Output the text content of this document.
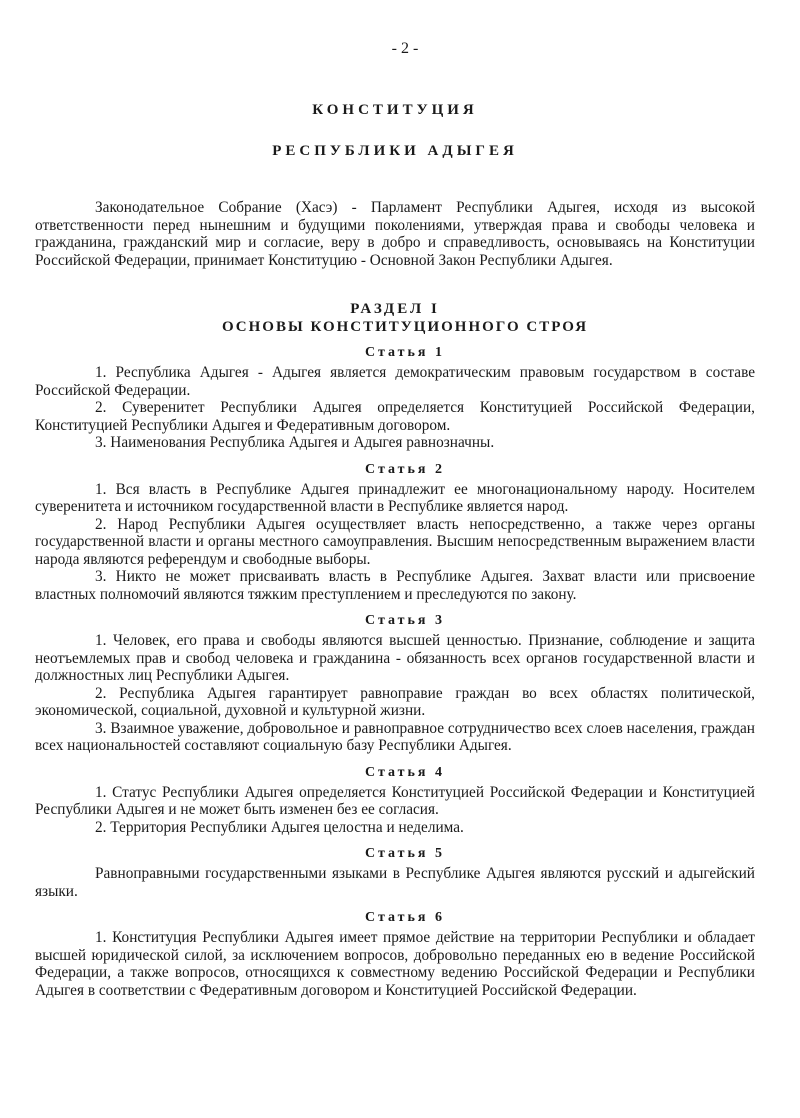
- 2 -
КОНСТИТУЦИЯ
РЕСПУБЛИКИ АДЫГЕЯ

Законодательное Собрание (Хасэ) - Парламент Республики Адыгея, исходя из высокой ответственности перед нынешним и будущими поколениями, утверждая права и свободы человека и гражданина, гражданский мир и согласие, веру в добро и справедливость, основываясь на Конституции Российской Федерации, принимает Конституцию - Основной Закон Республики Адыгея.

РАЗДЕЛ I
ОСНОВЫ КОНСТИТУЦИОННОГО СТРОЯ
Статья 1

1. Республика Адыгея - Адыгея является демократическим правовым государством в составе Российской Федерации.

2. Суверенитет Республики Адыгея определяется Конституцией Российской Федерации, Конституцией Республики Адыгея и Федеративным договором.

3. Наименования Республика Адыгея и Адыгея равнозначны.

Статья 2

1. Вся власть в Республике Адыгея принадлежит ее многонациональному народу. Носителем суверенитета и источником государственной власти в Республике является народ.

2. Народ Республики Адыгея осуществляет власть непосредственно, а также через органы государственной власти и органы местного самоуправления. Высшим непосредственным выражением власти народа являются референдум и свободные выборы.

3. Никто не может присваивать власть в Республике Адыгея. Захват власти или присвоение властных полномочий являются тяжким преступлением и преследуются по закону.

Статья 3

1. Человек, его права и свободы являются высшей ценностью. Признание, соблюдение и защита неотъемлемых прав и свобод человека и гражданина - обязанность всех органов государственной власти и должностных лиц Республики Адыгея.

2. Республика Адыгея гарантирует равноправие граждан во всех областях политической, экономической, социальной, духовной и культурной жизни.

3. Взаимное уважение, добровольное и равноправное сотрудничество всех слоев населения, граждан всех национальностей составляют социальную базу Республики Адыгея.

Статья 4

1. Статус Республики Адыгея определяется Конституцией Российской Федерации и Конституцией Республики Адыгея и не может быть изменен без ее согласия.

2. Территория Республики Адыгея целостна и неделима.

Статья 5

Равноправными государственными языками в Республике Адыгея являются русский и адыгейский языки.

Статья 6

1. Конституция Республики Адыгея имеет прямое действие на территории Республики и обладает высшей юридической силой, за исключением вопросов, добровольно переданных ею в ведение Российской Федерации, а также вопросов, относящихся к совместному ведению Российской Федерации и Республики Адыгея в соответствии с Федеративным договором и Конституцией Российской Федерации.
